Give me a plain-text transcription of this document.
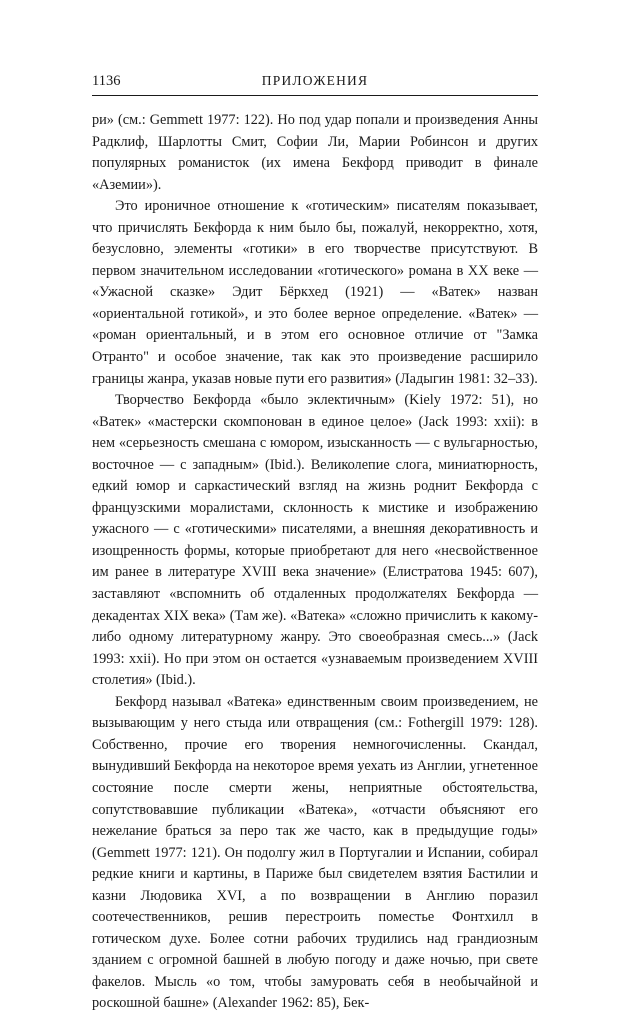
1136	ПРИЛОЖЕНИЯ

ри» (см.: Gemmett 1977: 122). Но под удар попали и произведения Анны Радклиф, Шарлотты Смит, Софии Ли, Марии Робинсон и других популярных романисток (их имена Бекфорд приводит в финале «Аземии»).

Это ироничное отношение к «готическим» писателям показывает, что причислять Бекфорда к ним было бы, пожалуй, некорректно, хотя, безусловно, элементы «готики» в его творчестве присутствуют. В первом значительном исследовании «готического» романа в XX веке — «Ужасной сказке» Эдит Бёркхед (1921) — «Ватек» назван «ориентальной готикой», и это более верное определение. «Ватек» — «роман ориентальный, и в этом его основное отличие от "Замка Отранто" и особое значение, так как это произведение расширило границы жанра, указав новые пути его развития» (Ладыгин 1981: 32–33).

Творчество Бекфорда «было эклектичным» (Kiely 1972: 51), но «Ватек» «мастерски скомпонован в единое целое» (Jack 1993: xxii): в нем «серьезность смешана с юмором, изысканность — с вульгарностью, восточное — с западным» (Ibid.). Великолепие слога, миниатюрность, едкий юмор и саркастический взгляд на жизнь роднит Бекфорда с французскими моралистами, склонность к мистике и изображению ужасного — с «готическими» писателями, а внешняя декоративность и изощренность формы, которые приобретают для него «несвойственное им ранее в литературе XVIII века значение» (Елистратова 1945: 607), заставляют «вспомнить об отдаленных продолжателях Бекфорда — декадентах XIX века» (Там же). «Ватека» «сложно причислить к какому-либо одному литературному жанру. Это своеобразная смесь...» (Jack 1993: xxii). Но при этом он остается «узнаваемым произведением XVIII столетия» (Ibid.).

Бекфорд называл «Ватека» единственным своим произведением, не вызывающим у него стыда или отвращения (см.: Fothergill 1979: 128). Собственно, прочие его творения немногочисленны. Скандал, вынудивший Бекфорда на некоторое время уехать из Англии, угнетенное состояние после смерти жены, неприятные обстоятельства, сопутствовавшие публикации «Ватека», «отчасти объясняют его нежелание браться за перо так же часто, как в предыдущие годы» (Gemmett 1977: 121). Он подолгу жил в Португалии и Испании, собирал редкие книги и картины, в Париже был свидетелем взятия Бастилии и казни Людовика XVI, а по возвращении в Англию поразил соотечественников, решив перестроить поместье Фонтхилл в готическом духе. Более сотни рабочих трудились над грандиозным зданием с огромной башней в любую погоду и даже ночью, при свете факелов. Мысль «о том, чтобы замуровать себя в необычайной и роскошной башне» (Alexander 1962: 85), Бек-
